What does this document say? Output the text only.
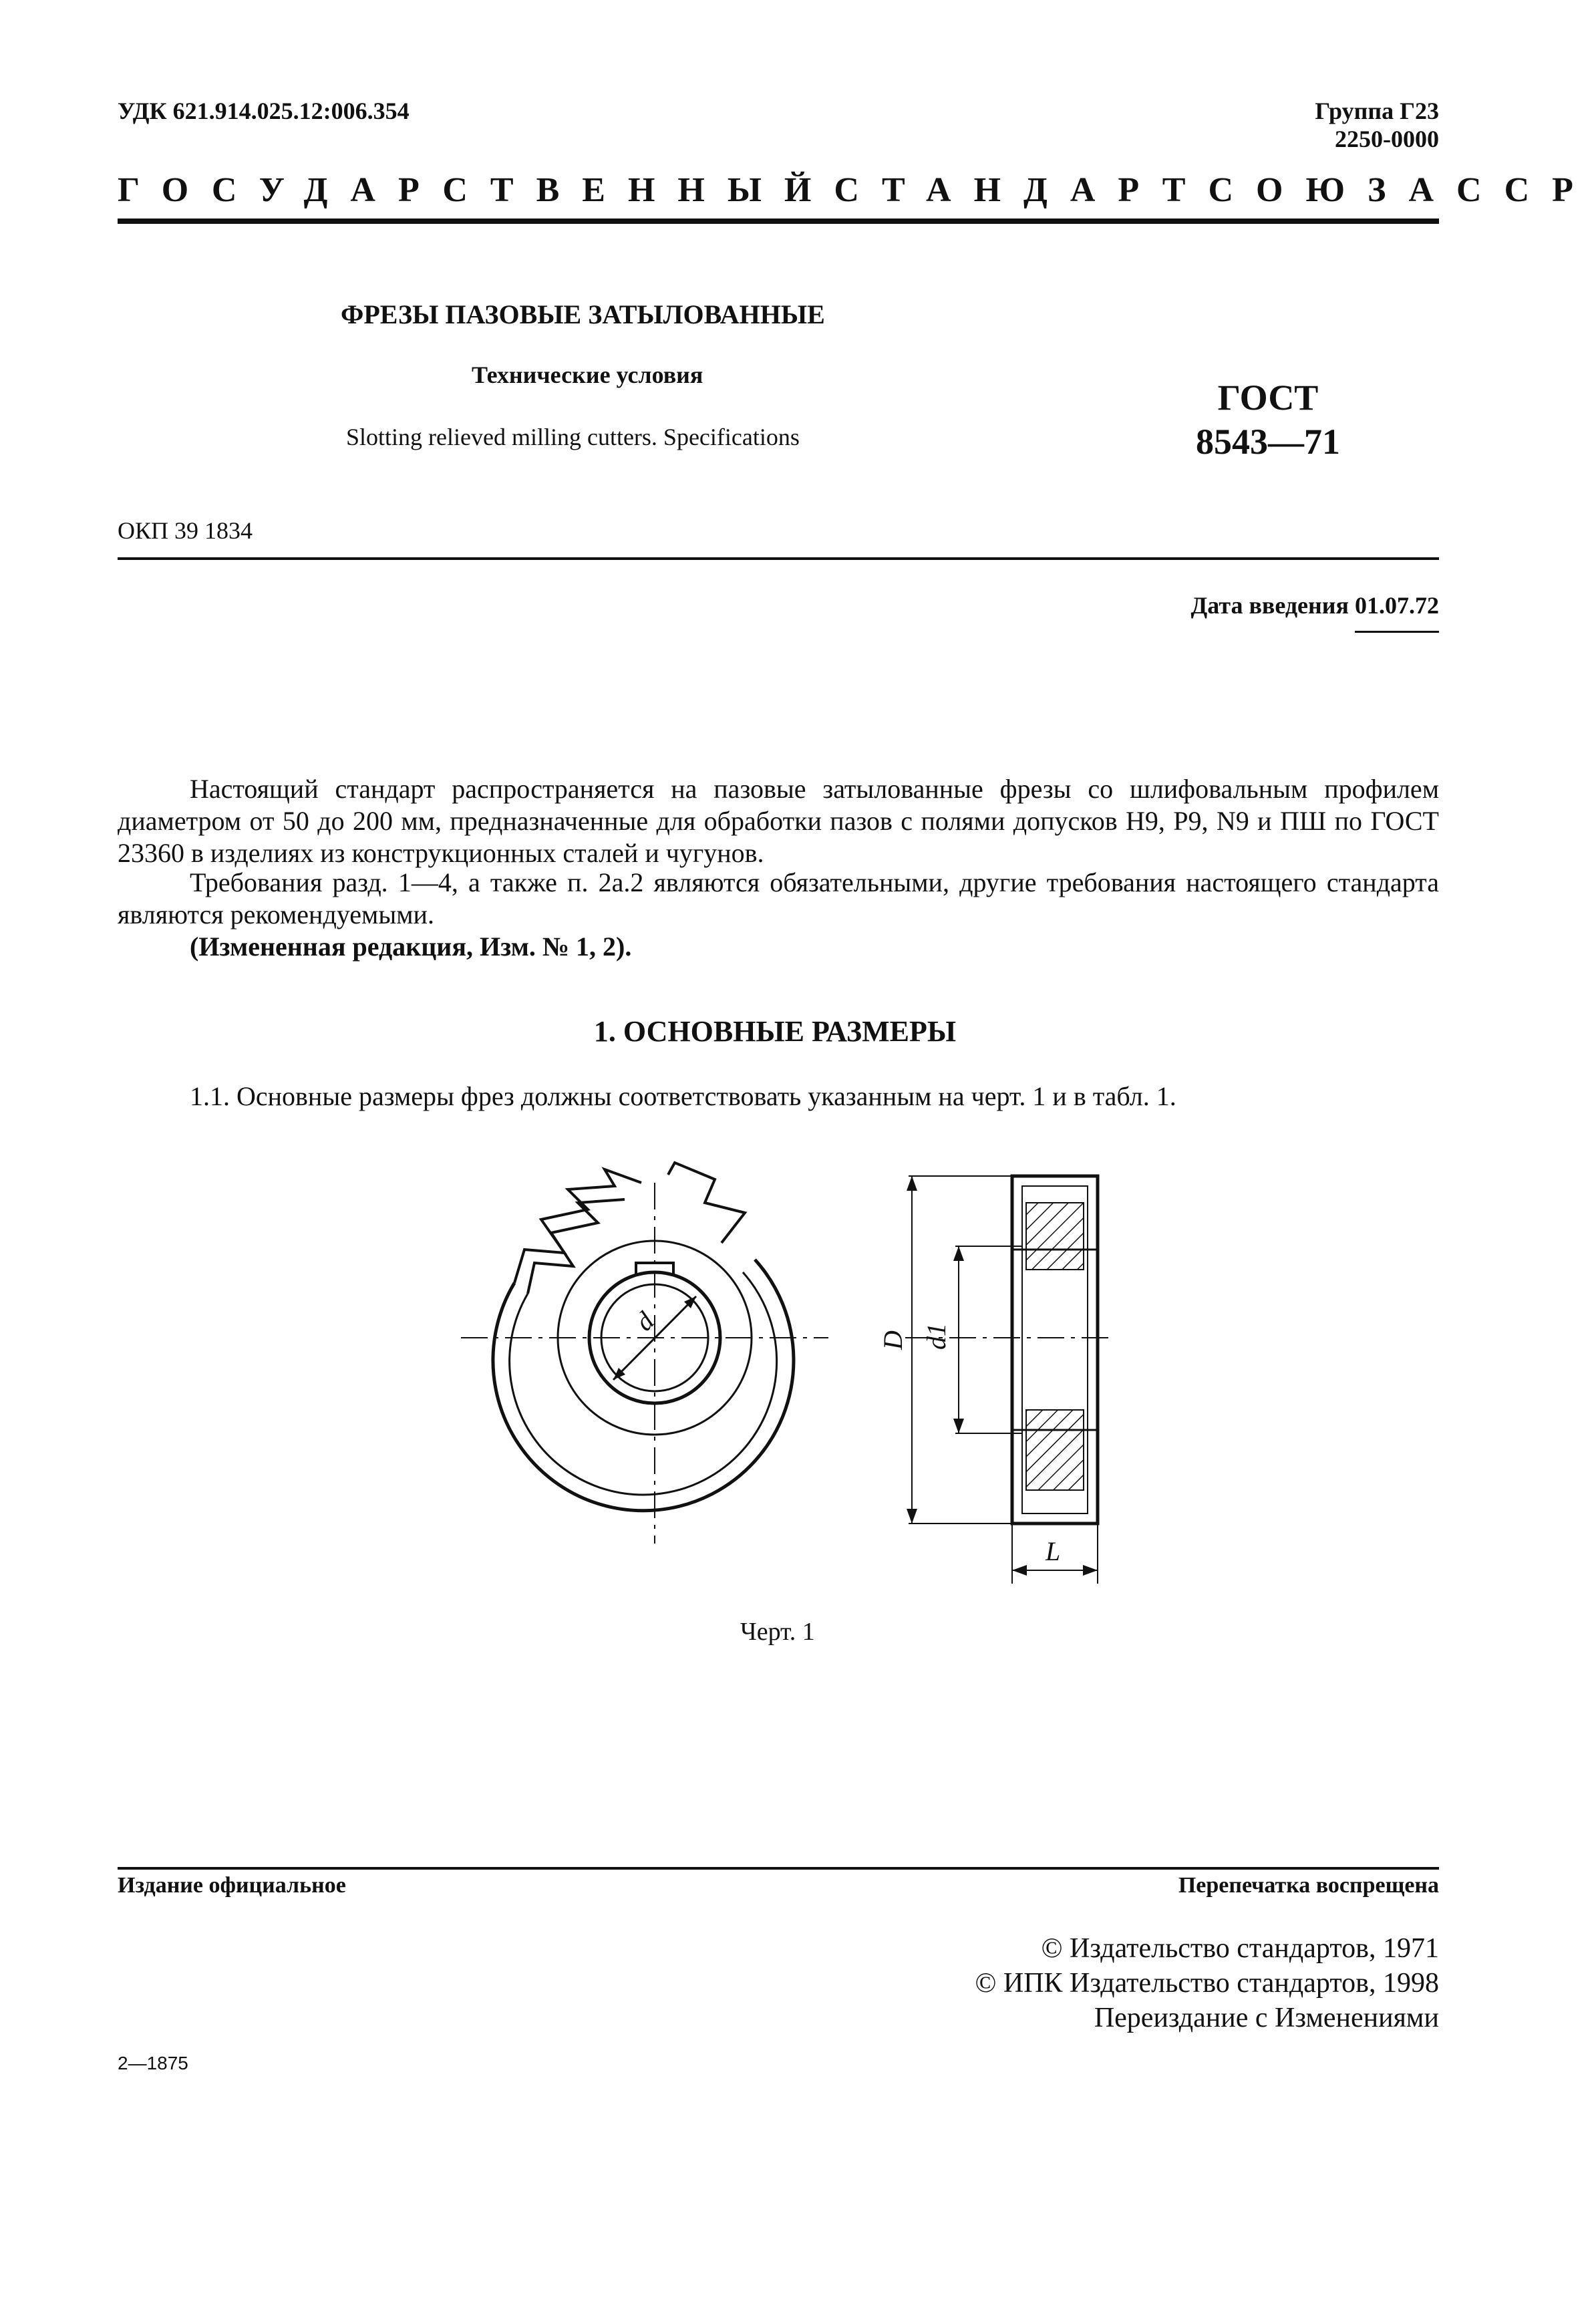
УДК 621.914.025.12:006.354	Группа Г23
2250-0000
ГОСУДАРСТВЕННЫЙ СТАНДАРТ СОЮЗА ССР
ФРЕЗЫ ПАЗОВЫЕ ЗАТЫЛОВАННЫЕ
Технические условия
Slotting relieved milling cutters. Specifications
ГОСТ
8543—71
ОКП 39 1834
Дата введения 01.07.72
Настоящий стандарт распространяется на пазовые затылованные фрезы со шлифовальным профилем диаметром от 50 до 200 мм, предназначенные для обработки пазов с полями допусков Н9, Р9, N9 и ПШ по ГОСТ 23360 в изделиях из конструкционных сталей и чугунов.
Требования разд. 1—4, а также п. 2а.2 являются обязательными, другие требования настоящего стандарта являются рекомендуемыми.
(Измененная редакция, Изм. № 1, 2).
1. ОСНОВНЫЕ РАЗМЕРЫ
1.1. Основные размеры фрез должны соответствовать указанным на черт. 1 и в табл. 1.
d
D d1
L
Черт. 1
Издание официальное	Перепечатка воспрещена
© Издательство стандартов, 1971
© ИПК Издательство стандартов, 1998
Переиздание с Изменениями
2—1875
